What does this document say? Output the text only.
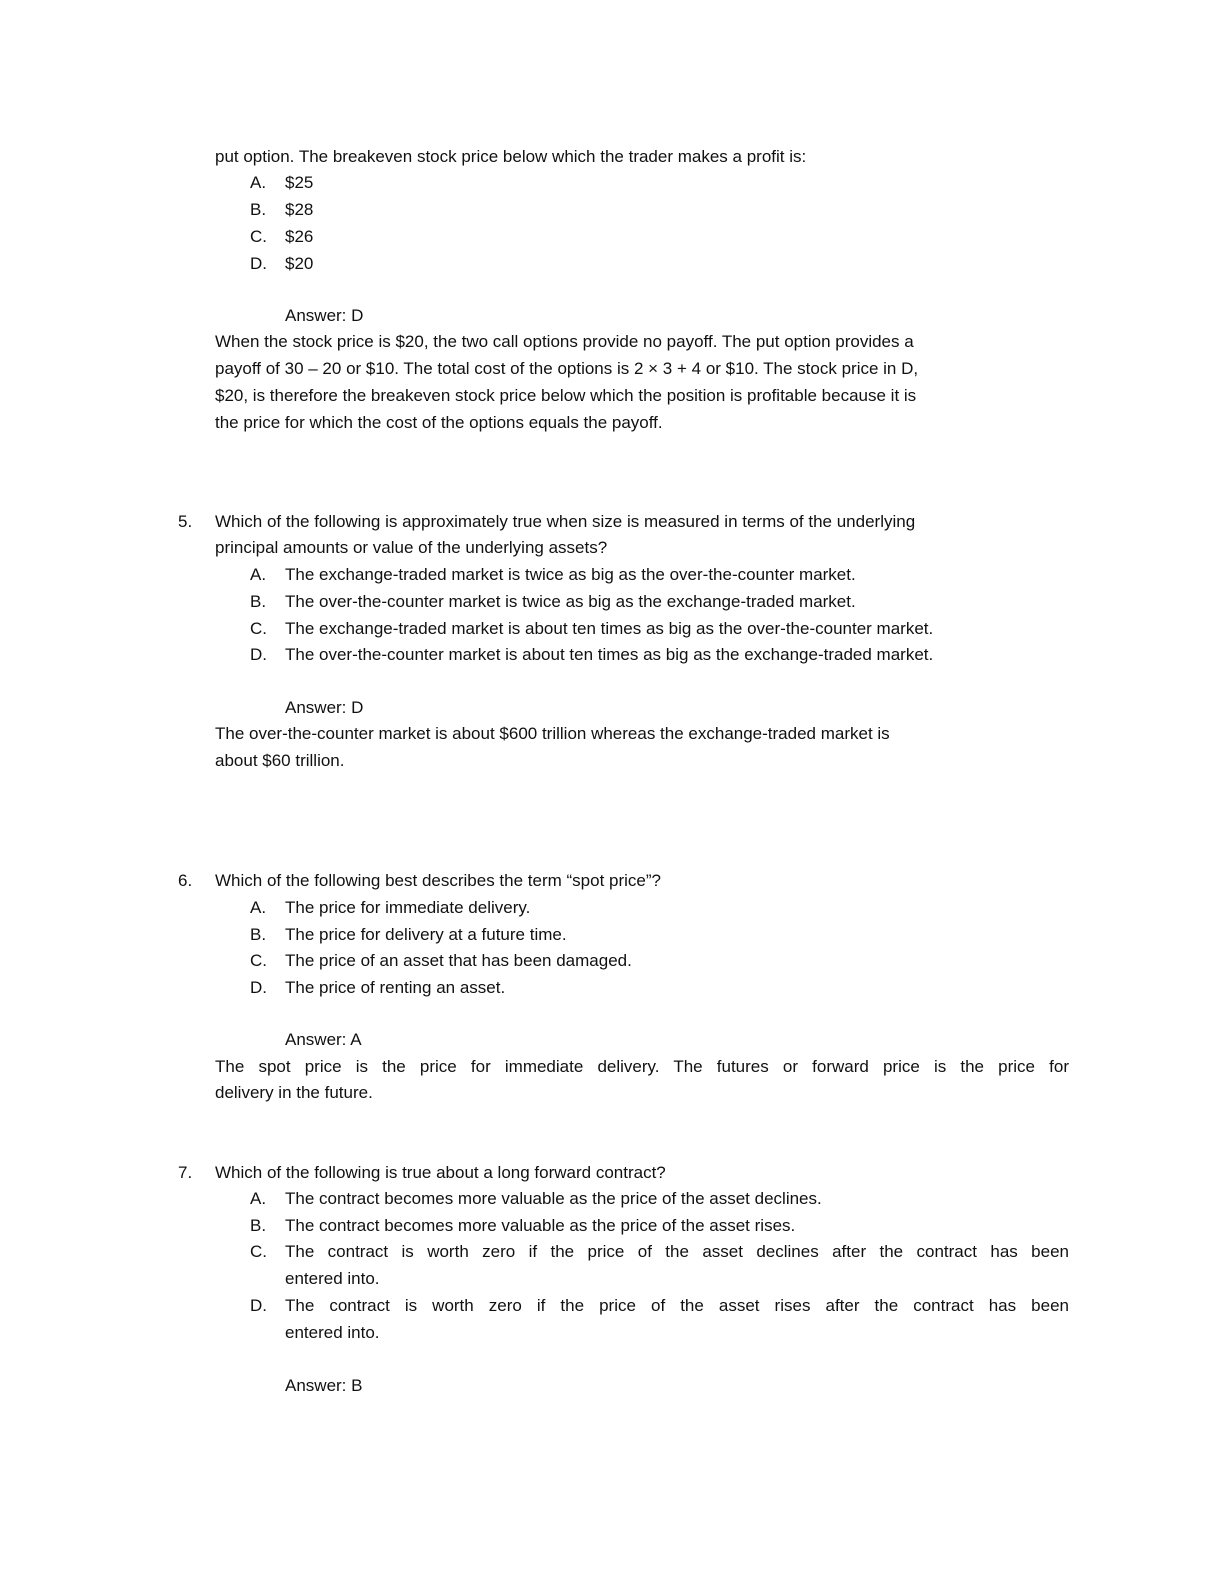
put option. The breakeven stock price below which the trader makes a profit is:
A. $25
B. $28
C. $26
D. $20
Answer: D
When the stock price is $20, the two call options provide no payoff. The put option provides a
payoff of 30 – 20 or $10. The total cost of the options is 2 × 3 + 4 or $10. The stock price in D,
$20, is therefore the breakeven stock price below which the position is profitable because it is
the price for which the cost of the options equals the payoff.
5. Which of the following is approximately true when size is measured in terms of the underlying
principal amounts or value of the underlying assets?
A. The exchange-traded market is twice as big as the over-the-counter market.
B. The over-the-counter market is twice as big as the exchange-traded market.
C. The exchange-traded market is about ten times as big as the over-the-counter market.
D. The over-the-counter market is about ten times as big as the exchange-traded market.
Answer: D
The over-the-counter market is about $600 trillion whereas the exchange-traded market is
about $60 trillion.
6. Which of the following best describes the term “spot price”?
A. The price for immediate delivery.
B. The price for delivery at a future time.
C. The price of an asset that has been damaged.
D. The price of renting an asset.
Answer: A
The spot price is the price for immediate delivery. The futures or forward price is the price for
delivery in the future.
7. Which of the following is true about a long forward contract?
A. The contract becomes more valuable as the price of the asset declines.
B. The contract becomes more valuable as the price of the asset rises.
C. The contract is worth zero if the price of the asset declines after the contract has been
entered into.
D. The contract is worth zero if the price of the asset rises after the contract has been
entered into.
Answer: B
